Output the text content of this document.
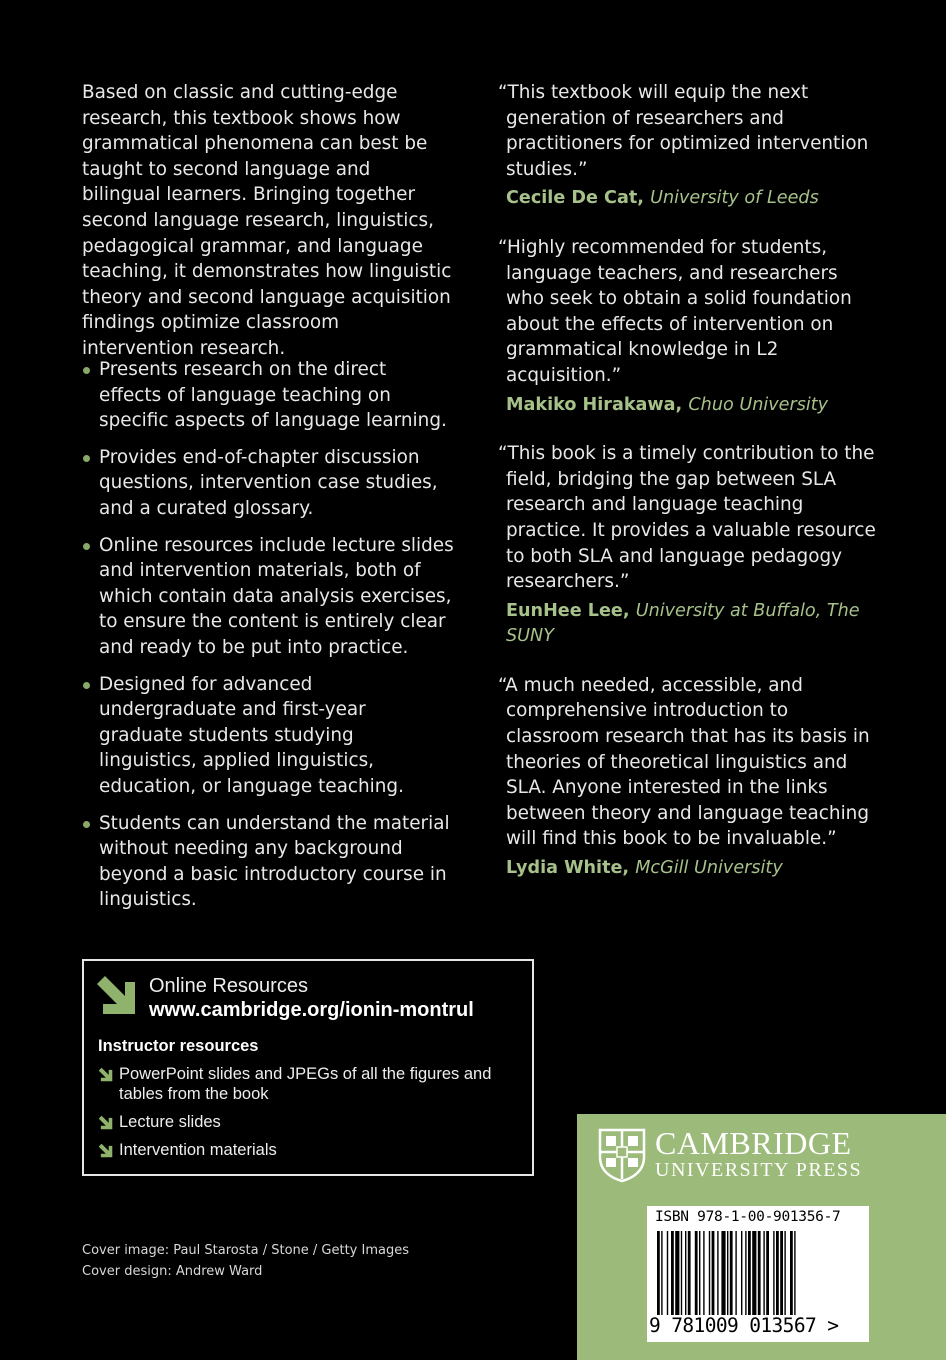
Based on classic and cutting-edge research, this textbook shows how grammatical phenomena can best be taught to second language and bilingual learners. Bringing together second language research, linguistics, pedagogical grammar, and language teaching, it demonstrates how linguistic theory and second language acquisition findings optimize classroom intervention research.

Presents research on the direct effects of language teaching on specific aspects of language learning.
Provides end-of-chapter discussion questions, intervention case studies, and a curated glossary.
Online resources include lecture slides and intervention materials, both of which contain data analysis exercises, to ensure the content is entirely clear and ready to be put into practice.
Designed for advanced undergraduate and first-year graduate students studying linguistics, applied linguistics, education, or language teaching.
Students can understand the material without needing any background beyond a basic introductory course in linguistics.

“This textbook will equip the next generation of researchers and practitioners for optimized intervention studies.”

Cecile De Cat, University of Leeds

“Highly recommended for students, language teachers, and researchers who seek to obtain a solid foundation about the effects of intervention on grammatical knowledge in L2 acquisition.”

Makiko Hirakawa, Chuo University

“This book is a timely contribution to the field, bridging the gap between SLA research and language teaching practice. It provides a valuable resource to both SLA and language pedagogy researchers.”

EunHee Lee, University at Buffalo, The SUNY

“A much needed, accessible, and comprehensive introduction to classroom research that has its basis in theories of theoretical linguistics and SLA. Anyone interested in the links between theory and language teaching will find this book to be invaluable.”

Lydia White, McGill University

Online Resources
www.cambridge.org/ionin-montrul
Instructor resources
PowerPoint slides and JPEGs of all the figures and tables from the book
Lecture slides
Intervention materials
Cover image: Paul Starosta / Stone / Getty Images
Cover design: Andrew Ward
CAMBRIDGE
UNIVERSITY PRESS
ISBN 978-1-00-901356-7
9 781009 013567 >
